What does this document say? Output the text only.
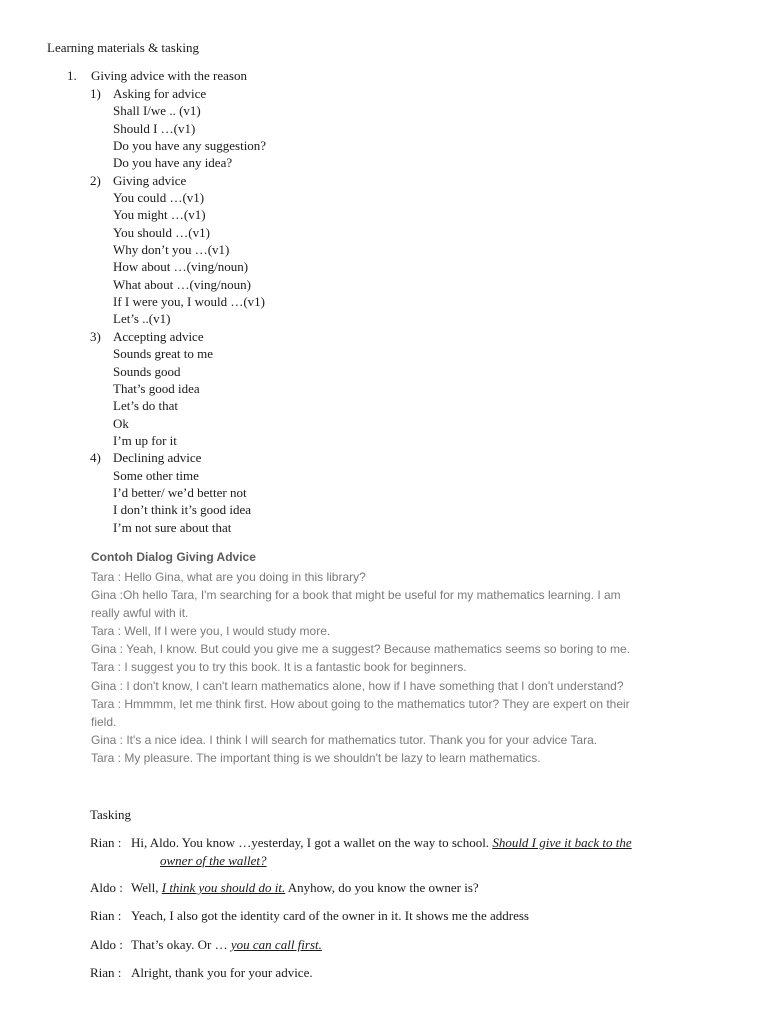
Learning materials & tasking
1. Giving advice with the reason
1) Asking for advice
Shall I/we .. (v1)
Should I …(v1)
Do you have any suggestion?
Do you have any idea?
2) Giving advice
You could …(v1)
You might …(v1)
You should …(v1)
Why don’t you …(v1)
How about …(ving/noun)
What about …(ving/noun)
If I were you, I would …(v1)
Let’s ..(v1)
3) Accepting advice
Sounds great to me
Sounds good
That’s good idea
Let’s do that
Ok
I’m up for it
4) Declining advice
Some other time
I’d better/ we’d better not
I don’t think it’s good idea
I’m not sure about that
Contoh Dialog Giving Advice
Tara : Hello Gina, what are you doing in this library?
Gina :Oh hello Tara, I'm searching for a book that might be useful for my mathematics learning. I am
really awful with it.
Tara : Well, If I were you, I would study more.
Gina : Yeah, I know. But could you give me a suggest? Because mathematics seems so boring to me.
Tara : I suggest you to try this book. It is a fantastic book for beginners.
Gina : I don't know, I can't learn mathematics alone, how if I have something that I don't understand?
Tara : Hmmmm, let me think first. How about going to the mathematics tutor? They are expert on their
field.
Gina : It's a nice idea. I think I will search for mathematics tutor. Thank you for your advice Tara.
Tara : My pleasure. The important thing is we shouldn't be lazy to learn mathematics.
Tasking
Rian : Hi, Aldo. You know …yesterday, I got a wallet on the way to school. Should I give it back to the
owner of the wallet?
Aldo : Well, I think you should do it. Anyhow, do you know the owner is?
Rian : Yeach, I also got the identity card of the owner in it. It shows me the address
Aldo : That’s okay. Or … you can call first.
Rian : Alright, thank you for your advice.
